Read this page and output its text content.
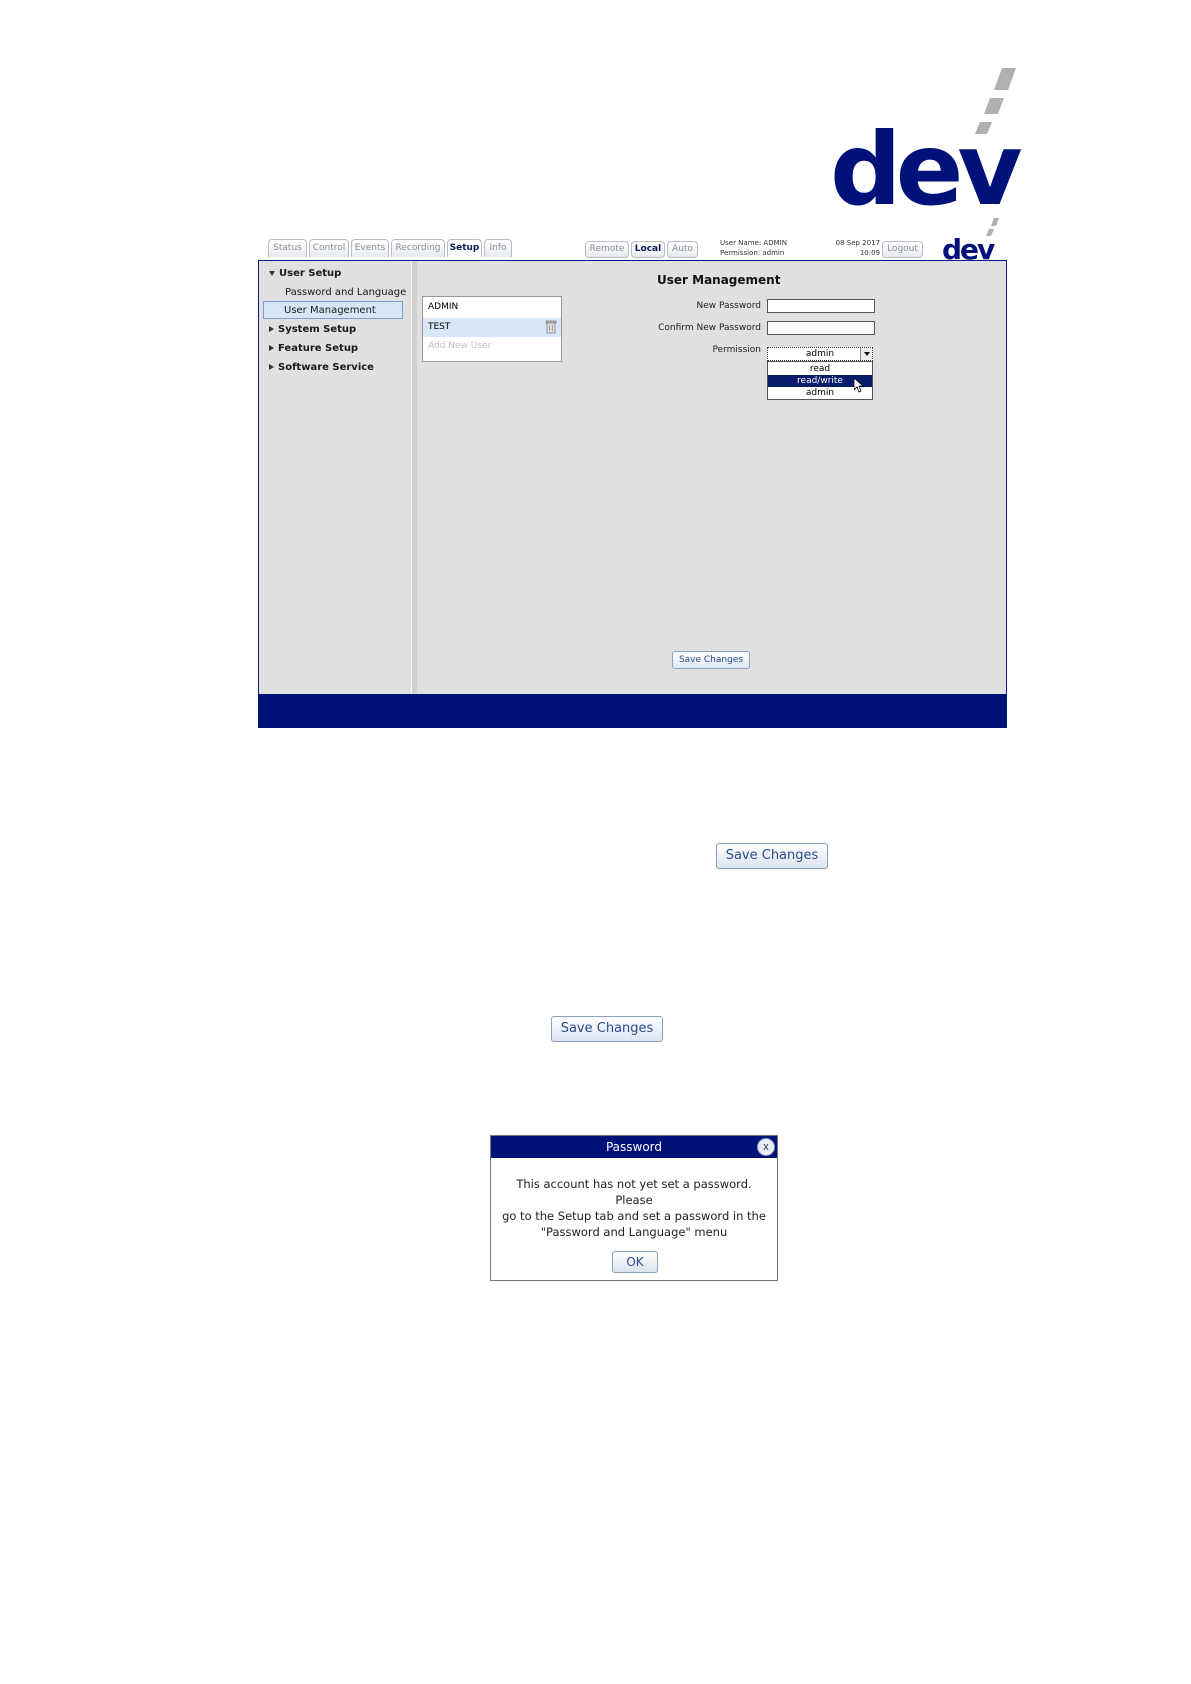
dev
Status	Control	Events	Recording	Setup	Info	Remote	Local	Auto
User Name: ADMIN
Permission: admin
08 Sep 2017
10:09 Logout dev
User Setup
Password and Language
User Management
System Setup
Feature Setup
Software Service
ADMIN
TEST
Add New User
User Management
New Password
Confirm New Password
Permission	admin
read
read/write
admin
Save Changes
Save Changes
Save Changes
Password	x
This account has not yet set a password. Please
go to the Setup tab and set a password in the
"Password and Language" menu
OK
